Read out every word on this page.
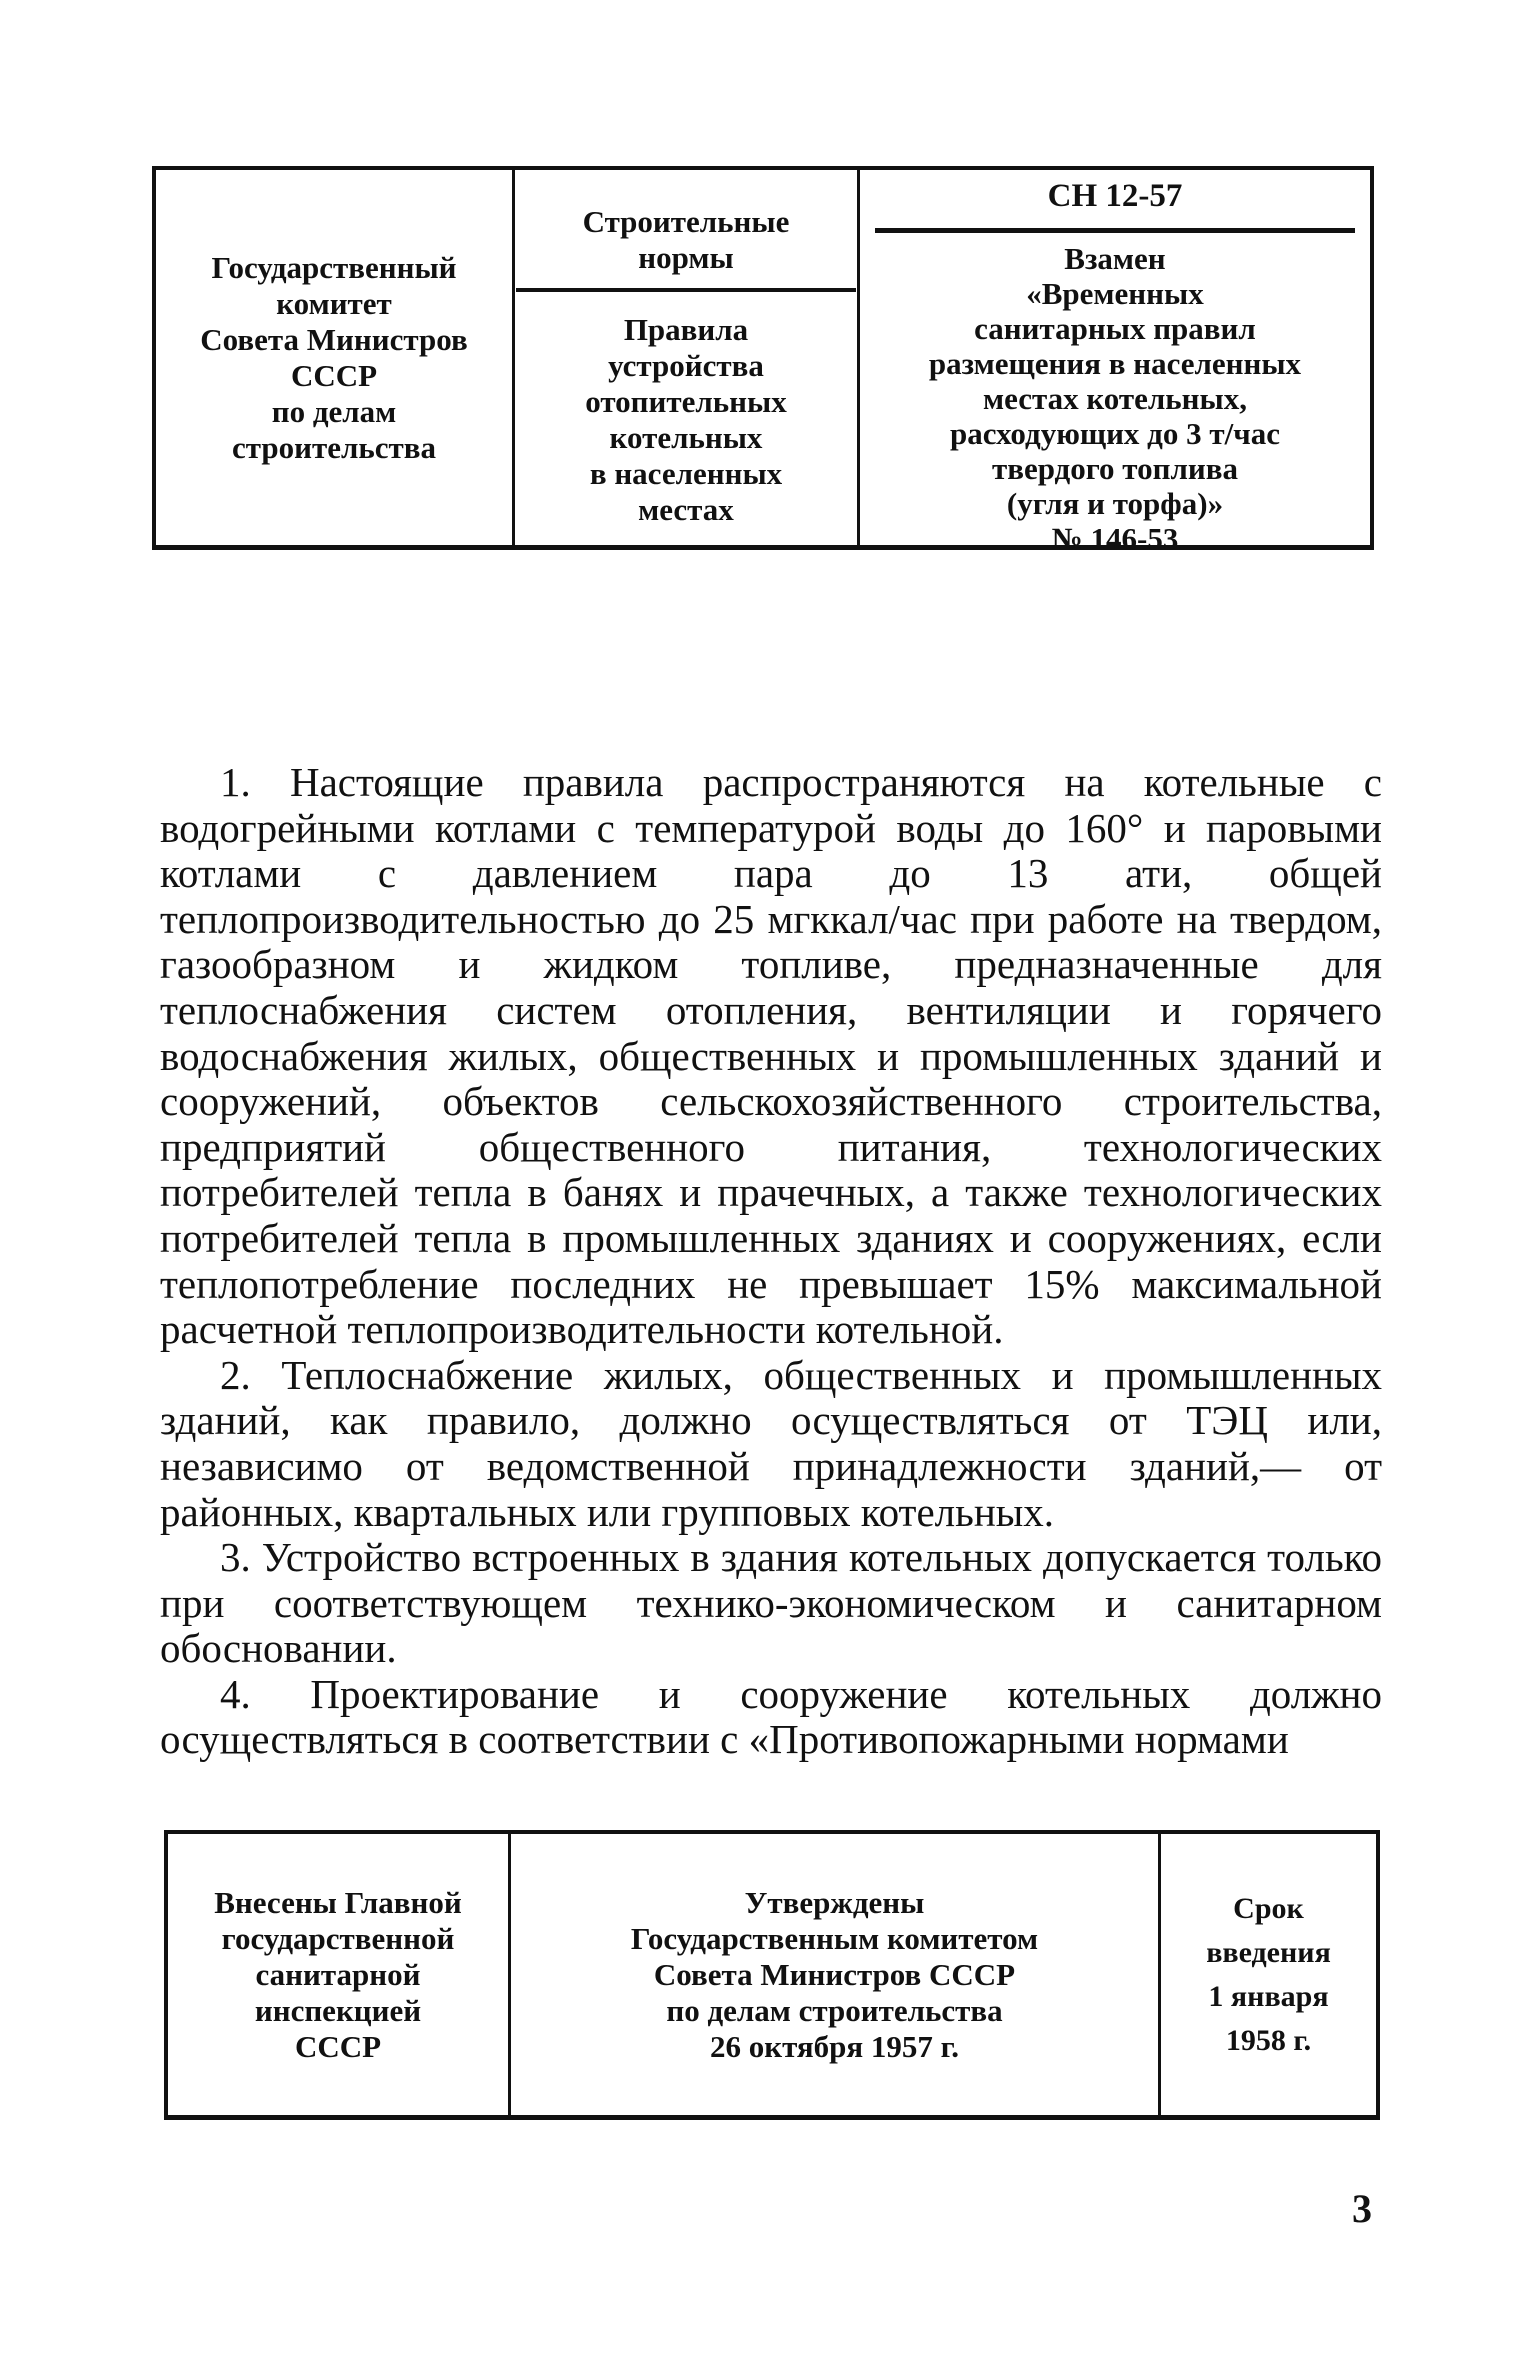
Государственный
комитет
Совета Министров
СССР
по делам
строительства
Строительные
нормы
Правила
устройства
отопительных
котельных
в населенных
местах
СН 12-57
Взамен
«Временных
санитарных правил
размещения в населенных
местах котельных,
расходующих до 3 т/час
твердого топлива
(угля и торфа)»
№ 146-53

1. Настоящие правила распространяются на котельные с водогрейными котлами с температурой воды до 160° и паровыми котлами с давлением пара до 13 ати, общей теплопроизводительностью до 25 мгккал/час при работе на твердом, газообразном и жидком топливе, предназначенные для теплоснабжения систем отопления, вентиляции и горячего водоснабжения жилых, общественных и промышленных зданий и сооружений, объектов сельскохозяйственного строительства, предприятий общественного питания, технологических потребителей тепла в банях и прачечных, а также технологических потребителей тепла в промышленных зданиях и сооружениях, если теплопотребление последних не превышает 15% максимальной расчетной теплопроизводительности котельной.

2. Теплоснабжение жилых, общественных и промышленных зданий, как правило, должно осуществляться от ТЭЦ или, независимо от ведомственной принадлежности зданий,— от районных, квартальных или групповых котельных.

3. Устройство встроенных в здания котельных допускается только при соответствующем технико-экономическом и санитарном обосновании.

4. Проектирование и сооружение котельных должно осуществляться в соответствии с «Противопожарными нормами

Внесены Главной
государственной
санитарной
инспекцией
СССР
Утверждены
Государственным комитетом
Совета Министров СССР
по делам строительства
26 октября 1957 г.
Срок
введения
1 января
1958 г.
3
